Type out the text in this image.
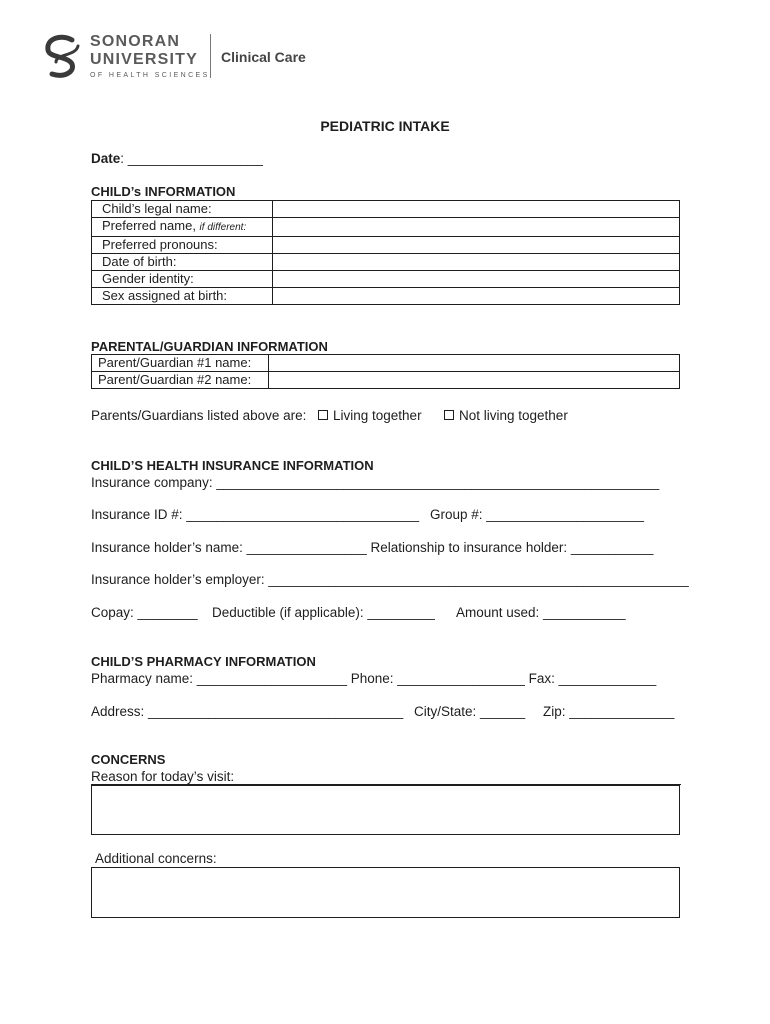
SONORAN
UNIVERSITY
OF HEALTH SCIENCES
Clinical Care
PEDIATRIC INTAKE
Date: __________________
CHILD’s INFORMATION
Child’s legal name:	
Preferred name, if different:	
Preferred pronouns:	
Date of birth:	
Gender identity:	
Sex assigned at birth:	
PARENTAL/GUARDIAN INFORMATION
Parent/Guardian #1 name:	
Parent/Guardian #2 name:	
Parents/Guardians listed above are:	Living together	Not living together
CHILD’S HEALTH INSURANCE INFORMATION
Insurance company: ___________________________________________________________
Insurance ID #: _______________________________ Group #: _____________________
Insurance holder’s name: ________________ Relationship to insurance holder: ___________
Insurance holder’s employer: ________________________________________________________
Copay: ________ Deductible (if applicable): _________ Amount used: ___________
CHILD’S PHARMACY INFORMATION
Pharmacy name: ____________________ Phone: _________________ Fax: _____________
Address: __________________________________ City/State: ______ Zip: ______________
CONCERNS
Reason for today’s visit:
Additional concerns:
